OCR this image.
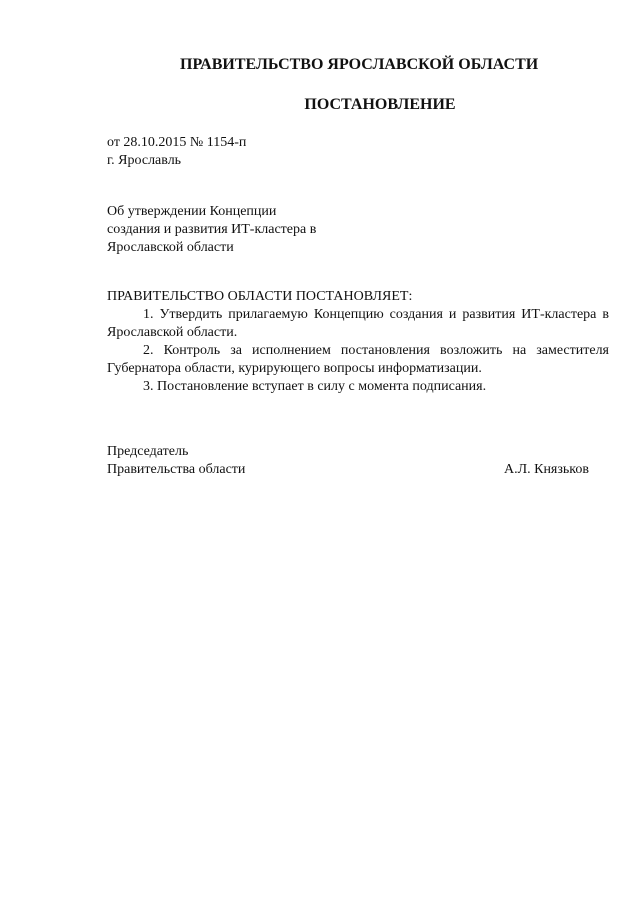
ПРАВИТЕЛЬСТВО ЯРОСЛАВСКОЙ ОБЛАСТИ
ПОСТАНОВЛЕНИЕ
от 28.10.2015 № 1154-п
г. Ярославль
Об утверждении Концепции
создания и развития ИТ-кластера в
Ярославской области

ПРАВИТЕЛЬСТВО ОБЛАСТИ ПОСТАНОВЛЯЕТ:

1. Утвердить прилагаемую Концепцию создания и развития ИТ-кластера в Ярославской области.

2. Контроль за исполнением постановления возложить на заместителя Губернатора области, курирующего вопросы информатизации.

3. Постановление вступает в силу с момента подписания.

Председатель
Правительства области	А.Л. Князьков
